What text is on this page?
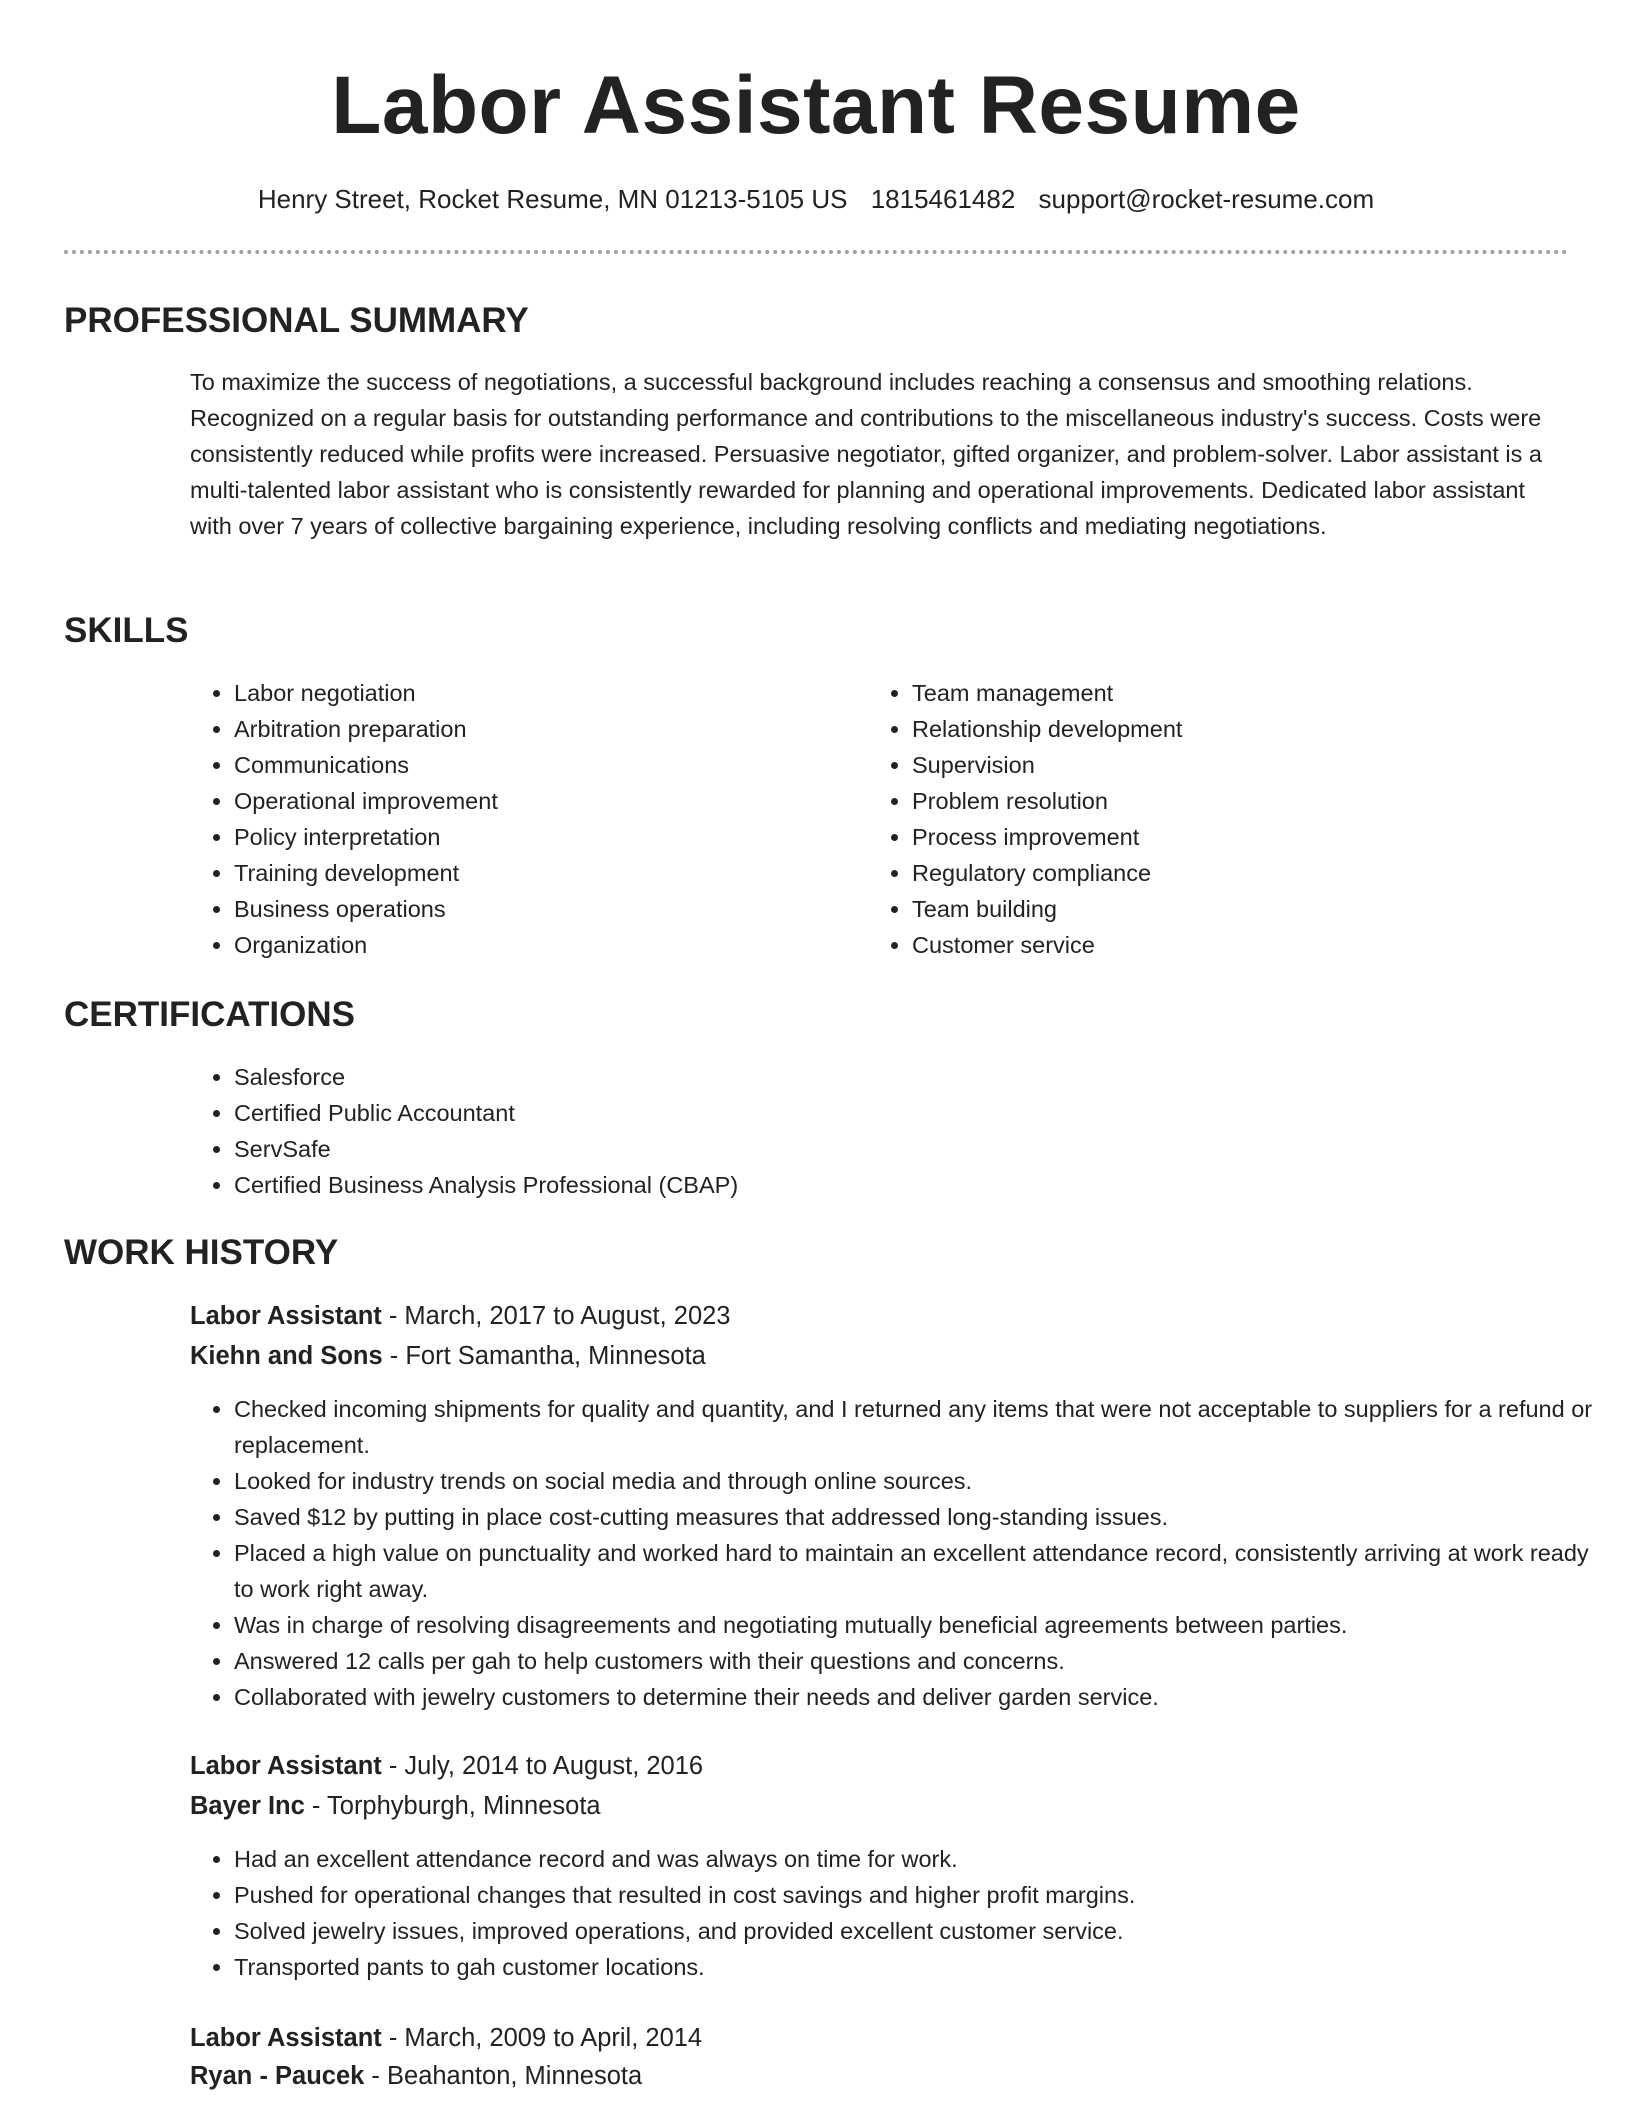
Labor Assistant Resume
Henry Street, Rocket Resume, MN 01213-5105 US 1815461482 support@rocket-resume.com
PROFESSIONAL SUMMARY

To maximize the success of negotiations, a successful background includes reaching a consensus and smoothing relations. Recognized on a regular basis for outstanding performance and contributions to the miscellaneous industry's success. Costs were consistently reduced while profits were increased. Persuasive negotiator, gifted organizer, and problem-solver. Labor assistant is a multi-talented labor assistant who is consistently rewarded for planning and operational improvements. Dedicated labor assistant with over 7 years of collective bargaining experience, including resolving conflicts and mediating negotiations.

SKILLS
• Labor negotiation
• Arbitration preparation
• Communications
• Operational improvement
• Policy interpretation
• Training development
• Business operations
• Organization
• Team management
• Relationship development
• Supervision
• Problem resolution
• Process improvement
• Regulatory compliance
• Team building
• Customer service
CERTIFICATIONS
• Salesforce
• Certified Public Accountant
• ServSafe
• Certified Business Analysis Professional (CBAP)
WORK HISTORY
Labor Assistant - March, 2017 to August, 2023
Kiehn and Sons - Fort Samantha, Minnesota
• Checked incoming shipments for quality and quantity, and I returned any items that were not acceptable to suppliers for a refund or replacement.
• Looked for industry trends on social media and through online sources.
• Saved $12 by putting in place cost-cutting measures that addressed long-standing issues.
• Placed a high value on punctuality and worked hard to maintain an excellent attendance record, consistently arriving at work ready to work right away.
• Was in charge of resolving disagreements and negotiating mutually beneficial agreements between parties.
• Answered 12 calls per gah to help customers with their questions and concerns.
• Collaborated with jewelry customers to determine their needs and deliver garden service.
Labor Assistant - July, 2014 to August, 2016
Bayer Inc - Torphyburgh, Minnesota
• Had an excellent attendance record and was always on time for work.
• Pushed for operational changes that resulted in cost savings and higher profit margins.
• Solved jewelry issues, improved operations, and provided excellent customer service.
• Transported pants to gah customer locations.
Labor Assistant - March, 2009 to April, 2014
Ryan - Paucek - Beahanton, Minnesota
